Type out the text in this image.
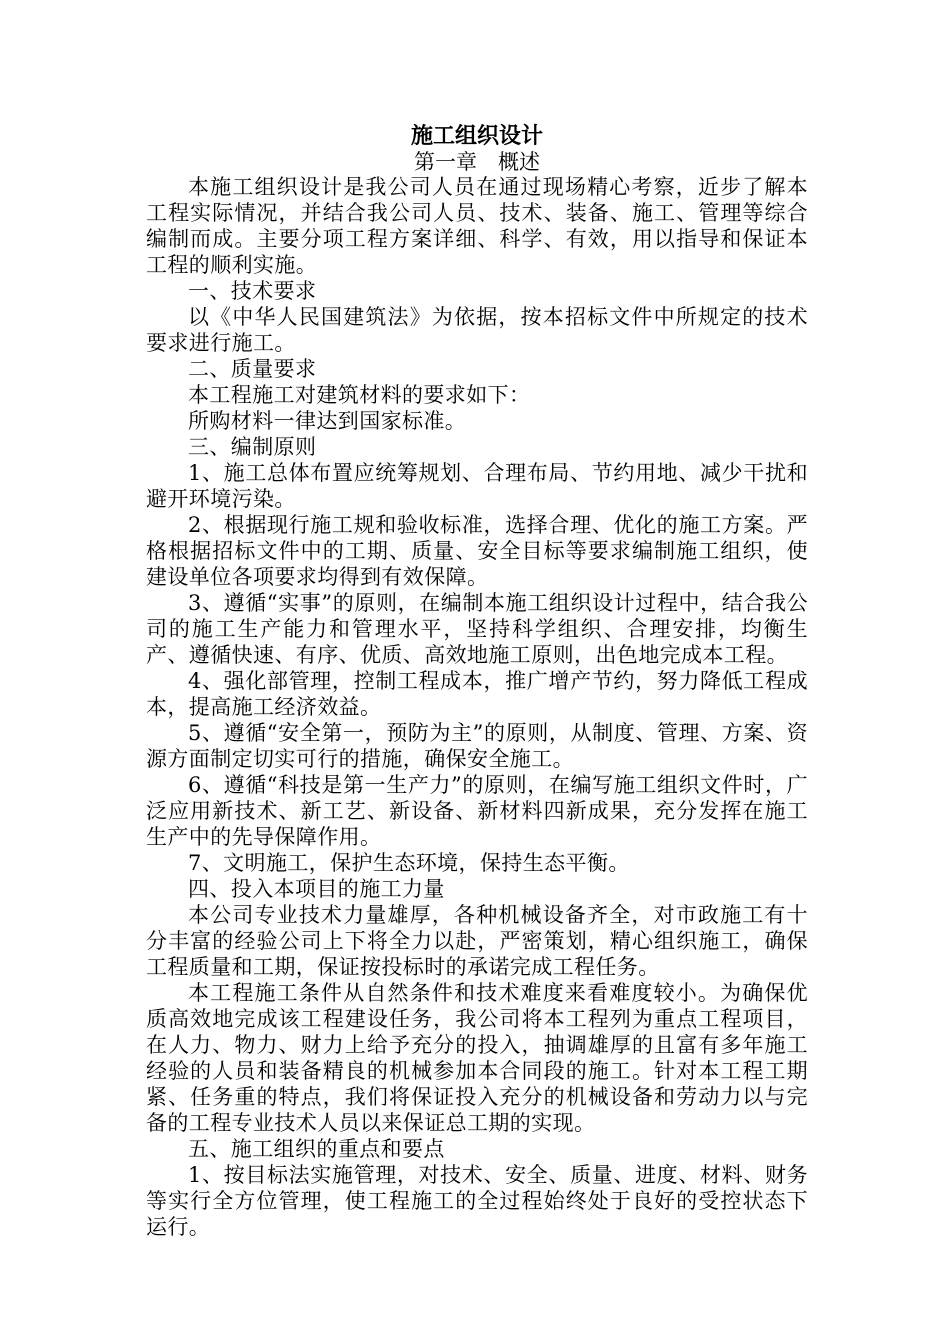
施工组织设计

第一章　概述

本施工组织设计是我公司人员在通过现场精心考察，近步了解本工程实际情况，并结合我公司人员、技术、装备、施工、管理等综合编制而成。主要分项工程方案详细、科学、有效，用以指导和保证本工程的顺利实施。

一、技术要求

以《中华人民国建筑法》为依据，按本招标文件中所规定的技术要求进行施工。

二、质量要求

本工程施工对建筑材料的要求如下：

所购材料一律达到国家标准。

三、编制原则

1、施工总体布置应统筹规划、合理布局、节约用地、减少干扰和避开环境污染。

2、根据现行施工规和验收标准，选择合理、优化的施工方案。严格根据招标文件中的工期、质量、安全目标等要求编制施工组织，使建设单位各项要求均得到有效保障。

3、遵循“实事”的原则，在编制本施工组织设计过程中，结合我公司的施工生产能力和管理水平，坚持科学组织、合理安排，均衡生产、遵循快速、有序、优质、高效地施工原则，出色地完成本工程。

4、强化部管理，控制工程成本，推广增产节约，努力降低工程成本，提高施工经济效益。

5、遵循“安全第一，预防为主”的原则，从制度、管理、方案、资源方面制定切实可行的措施，确保安全施工。

6、遵循“科技是第一生产力”的原则，在编写施工组织文件时，广泛应用新技术、新工艺、新设备、新材料四新成果，充分发挥在施工生产中的先导保障作用。

7、文明施工，保护生态环境，保持生态平衡。

四、投入本项目的施工力量

本公司专业技术力量雄厚，各种机械设备齐全，对市政施工有十分丰富的经验公司上下将全力以赴，严密策划，精心组织施工，确保工程质量和工期，保证按投标时的承诺完成工程任务。

本工程施工条件从自然条件和技术难度来看难度较小。为确保优质高效地完成该工程建设任务，我公司将本工程列为重点工程项目，在人力、物力、财力上给予充分的投入，抽调雄厚的且富有多年施工经验的人员和装备精良的机械参加本合同段的施工。针对本工程工期紧、任务重的特点，我们将保证投入充分的机械设备和劳动力以与完备的工程专业技术人员以来保证总工期的实现。

五、施工组织的重点和要点

1、按目标法实施管理，对技术、安全、质量、进度、材料、财务等实行全方位管理，使工程施工的全过程始终处于良好的受控状态下运行。
